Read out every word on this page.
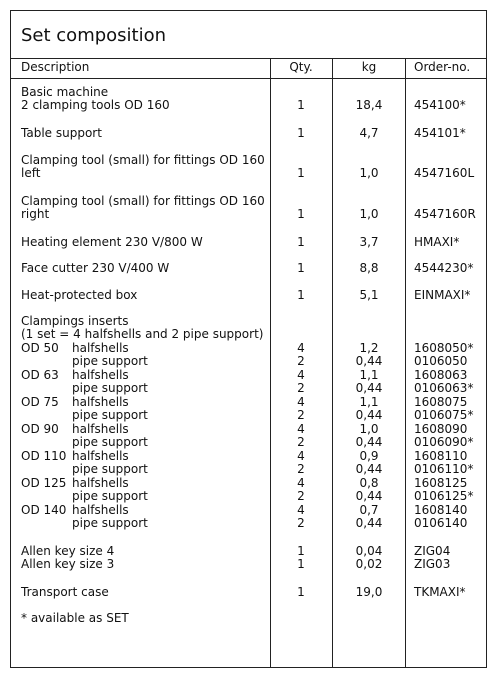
Set composition
Description	Qty.	kg	Order-no.
Basic machine
2 clamping tools OD 160	1	18,4	454100*
Table support	1	4,7	454101*
Clamping tool (small) for fittings OD 160
left	1	1,0	4547160L
Clamping tool (small) for fittings OD 160
right	1	1,0	4547160R
Heating element 230 V/800 W	1	3,7	HMAXI*
Face cutter 230 V/400 W	1	8,8	4544230*
Heat-protected box	1	5,1	EINMAXI*
Clampings inserts
(1 set = 4 halfshells and 2 pipe support)
OD 50 halfshells	4	1,2	1608050*
pipe support	2	0,44	0106050
OD 63 halfshells	4	1,1	1608063
pipe support	2	0,44	0106063*
OD 75 halfshells	4	1,1	1608075
pipe support	2	0,44	0106075*
OD 90 halfshells	4	1,0	1608090
pipe support	2	0,44	0106090*
OD 110 halfshells	4	0,9	1608110
pipe support	2	0,44	0106110*
OD 125 halfshells	4	0,8	1608125
pipe support	2	0,44	0106125*
OD 140 halfshells	4	0,7	1608140
pipe support	2	0,44	0106140
Allen key size 4	1	0,04	ZIG04
Allen key size 3	1	0,02	ZIG03
Transport case	1	19,0	TKMAXI*
* available as SET
